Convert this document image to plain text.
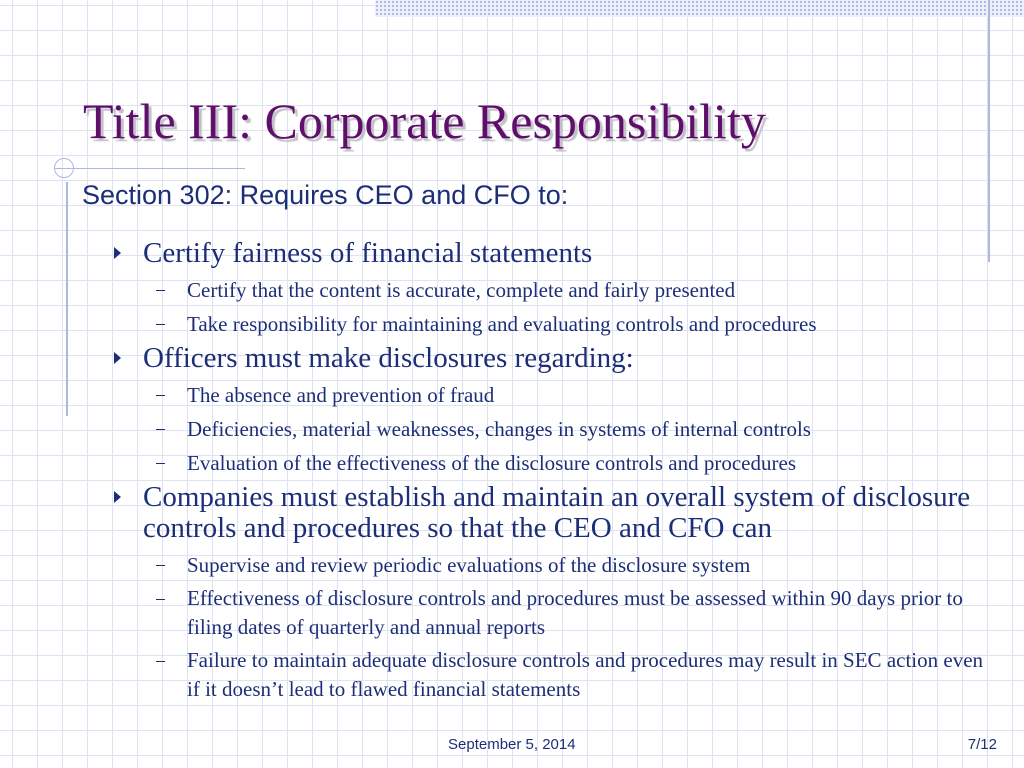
Title III: Corporate Responsibility
Section 302: Requires CEO and CFO to:

Certify fairness of financial statements

Certify that the content is accurate, complete and fairly presented

Take responsibility for maintaining and evaluating controls and procedures

Officers must make disclosures regarding:

The absence and prevention of fraud

Deficiencies, material weaknesses, changes in systems of internal controls

Evaluation of the effectiveness of the disclosure controls and procedures

Companies must establish and maintain an overall system of disclosure controls and procedures so that the CEO and CFO can

Supervise and review periodic evaluations of the disclosure system

Effectiveness of disclosure controls and procedures must be assessed within 90 days prior to filing dates of quarterly and annual reports

Failure to maintain adequate disclosure controls and procedures may result in SEC action even if it doesn’t lead to flawed financial statements

September 5, 2014	7/12
